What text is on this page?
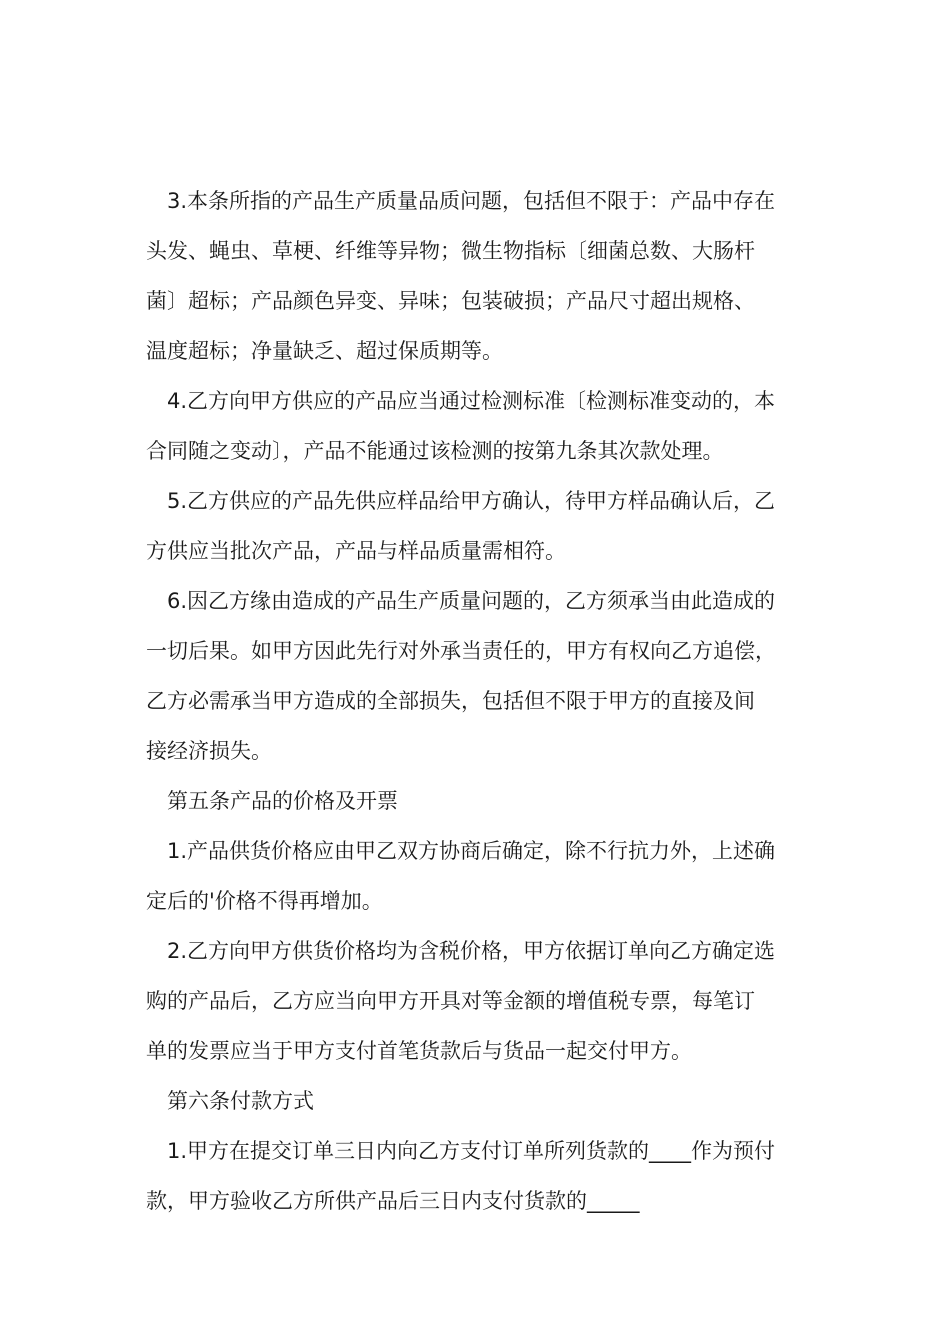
3.本条所指的产品生产质量品质问题，包括但不限于：产品中存在
头发、蝇虫、草梗、纤维等异物；微生物指标〔细菌总数、大肠杆
菌〕超标；产品颜色异变、异味；包装破损；产品尺寸超出规格、
温度超标；净量缺乏、超过保质期等。
4.乙方向甲方供应的产品应当通过检测标准〔检测标准变动的，本
合同随之变动〕，产品不能通过该检测的按第九条其次款处理。
5.乙方供应的产品先供应样品给甲方确认，待甲方样品确认后，乙
方供应当批次产品，产品与样品质量需相符。
6.因乙方缘由造成的产品生产质量问题的，乙方须承当由此造成的
一切后果。如甲方因此先行对外承当责任的，甲方有权向乙方追偿，
乙方必需承当甲方造成的全部损失，包括但不限于甲方的直接及间
接经济损失。
第五条产品的价格及开票
1.产品供货价格应由甲乙双方协商后确定，除不行抗力外，上述确
定后的'价格不得再增加。
2.乙方向甲方供货价格均为含税价格，甲方依据订单向乙方确定选
购的产品后，乙方应当向甲方开具对等金额的增值税专票，每笔订
单的发票应当于甲方支付首笔货款后与货品一起交付甲方。
第六条付款方式
1.甲方在提交订单三日内向乙方支付订单所列货款的____作为预付
款，甲方验收乙方所供产品后三日内支付货款的_____
